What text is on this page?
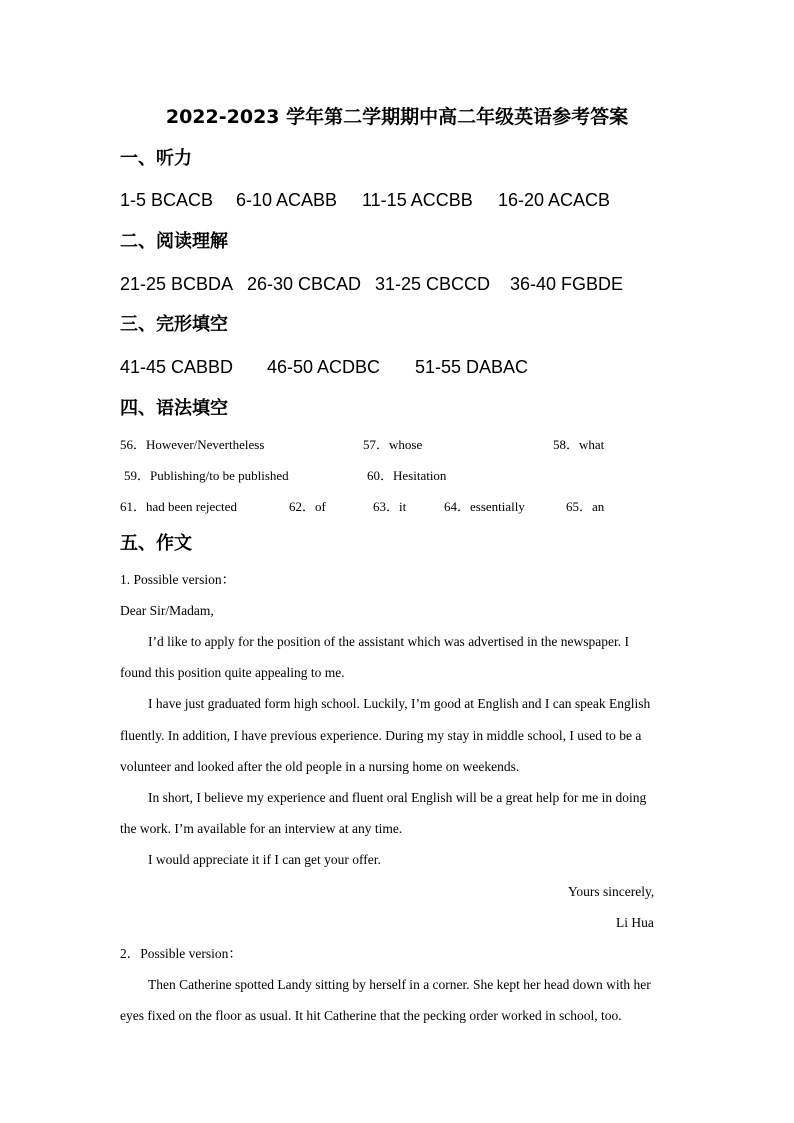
2022-2023 学年第二学期期中高二年级英语参考答案
一、听力
1-5 BCACB 6-10 ACABB 11-15 ACCBB 16-20 ACACB
二、阅读理解
21-25 BCBDA 26-30 CBCAD 31-25 CBCCD 36-40 FGBDE
三、完形填空
41-45 CABBD 46-50 ACDBC 51-55 DABAC
四、语法填空
56．However/Nevertheless	57．whose	58．what
59．Publishing/to be published	60．Hesitation
61．had been rejected	62．of	63．it	64．essentially	65．an
五、作文
1. Possible version：
Dear Sir/Madam,
I’d like to apply for the position of the assistant which was advertised in the newspaper. I
found this position quite appealing to me.
I have just graduated form high school. Luckily, I’m good at English and I can speak English
fluently. In addition, I have previous experience. During my stay in middle school, I used to be a
volunteer and looked after the old people in a nursing home on weekends.
In short, I believe my experience and fluent oral English will be a great help for me in doing
the work. I’m available for an interview at any time.
I would appreciate it if I can get your offer.
Yours sincerely,
Li Hua
2．Possible version：
Then Catherine spotted Landy sitting by herself in a corner. She kept her head down with her
eyes fixed on the floor as usual. It hit Catherine that the pecking order worked in school, too.
